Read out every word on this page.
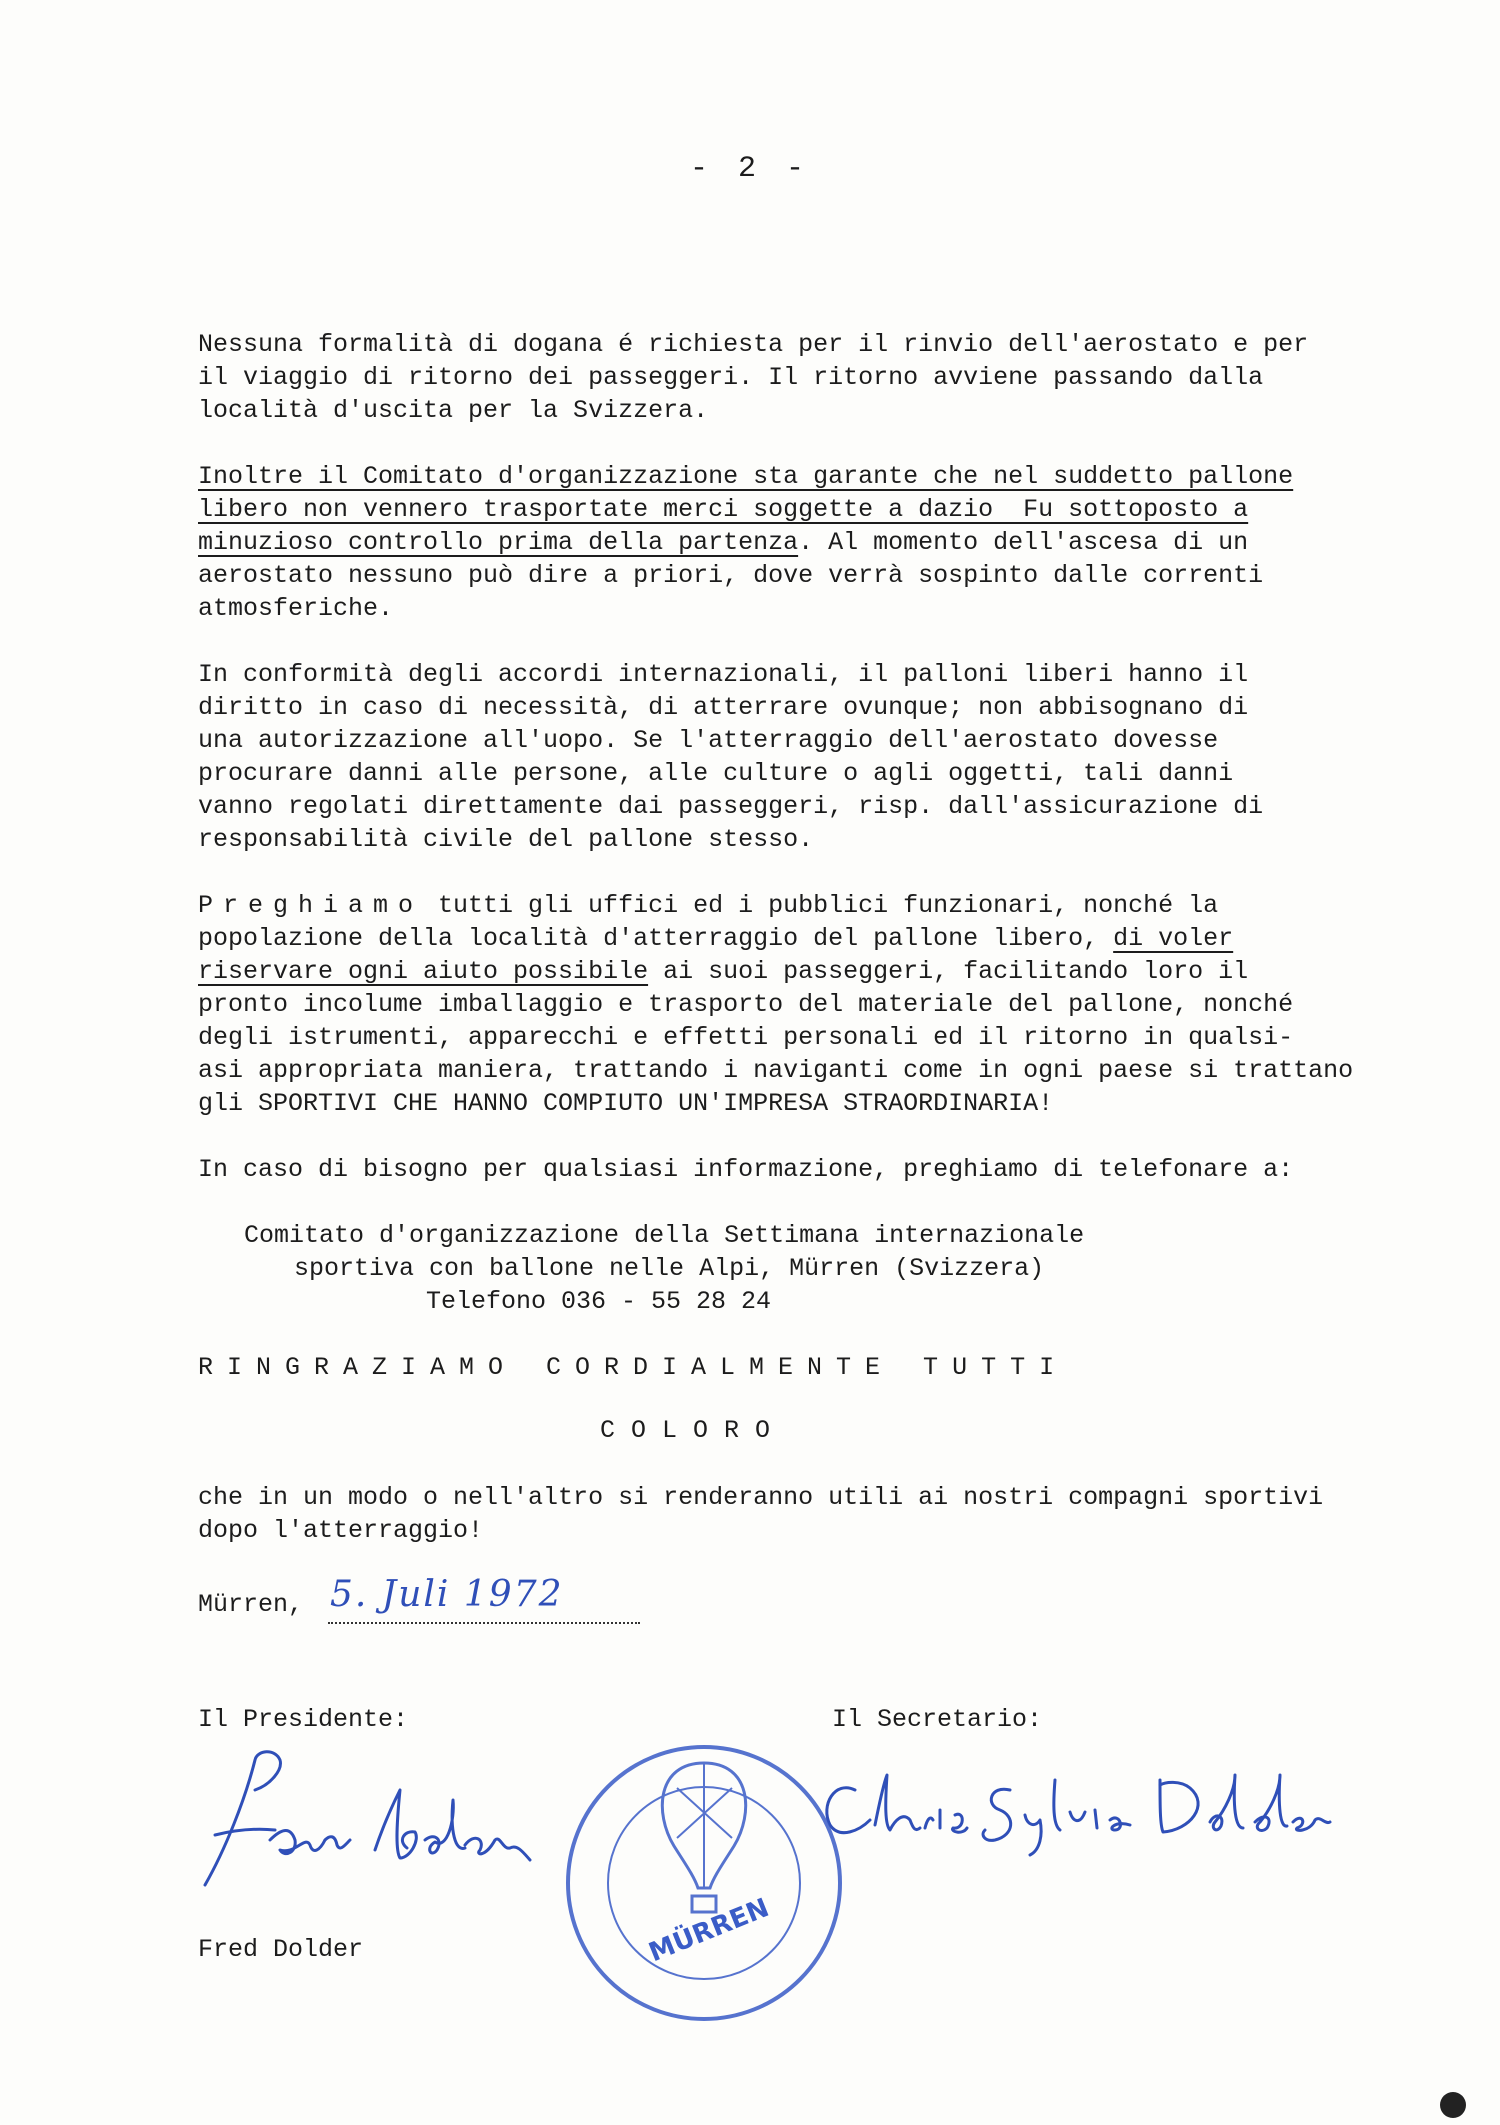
- 2 -
Nessuna formalità di dogana é richiesta per il rinvio dell'aerostato e per
il viaggio di ritorno dei passeggeri. Il ritorno avviene passando dalla
località d'uscita per la Svizzera.
Inoltre il Comitato d'organizzazione sta garante che nel suddetto pallone
libero non vennero trasportate merci soggette a dazio  Fu sottoposto a
minuzioso controllo prima della partenza. Al momento dell'ascesa di un
aerostato nessuno può dire a priori, dove verrà sospinto dalle correnti
atmosferiche.
In conformità degli accordi internazionali, il palloni liberi hanno il
diritto in caso di necessità, di atterrare ovunque; non abbisognano di
una autorizzazione all'uopo. Se l'atterraggio dell'aerostato dovesse
procurare danni alle persone, alle culture o agli oggetti, tali danni
vanno regolati direttamente dai passeggeri, risp. dall'assicurazione di
responsabilità civile del pallone stesso.
Preghiamo tutti gli uffici ed i pubblici funzionari, nonché la
popolazione della località d'atterraggio del pallone libero, di voler
riservare ogni aiuto possibile ai suoi passeggeri, facilitando loro il
pronto incolume imballaggio e trasporto del materiale del pallone, nonché
degli istrumenti, apparecchi e effetti personali ed il ritorno in qualsi-
asi appropriata maniera, trattando i naviganti come in ogni paese si trattano
gli SPORTIVI CHE HANNO COMPIUTO UN'IMPRESA STRAORDINARIA!
In caso di bisogno per qualsiasi informazione, preghiamo di telefonare a:
Comitato d'organizzazione della Settimana internazionale
sportiva con ballone nelle Alpi, Mürren (Svizzera)
Telefono 036 - 55 28 24
RINGRAZIAMO CORDIALMENTE TUTTI
COLORO
che in un modo o nell'altro si renderanno utili ai nostri compagni sportivi
dopo l'atterraggio!
Mürren, 5. Juli 1972
Il Presidente:	Il Secretario:
MÜRREN
Fred Dolder
